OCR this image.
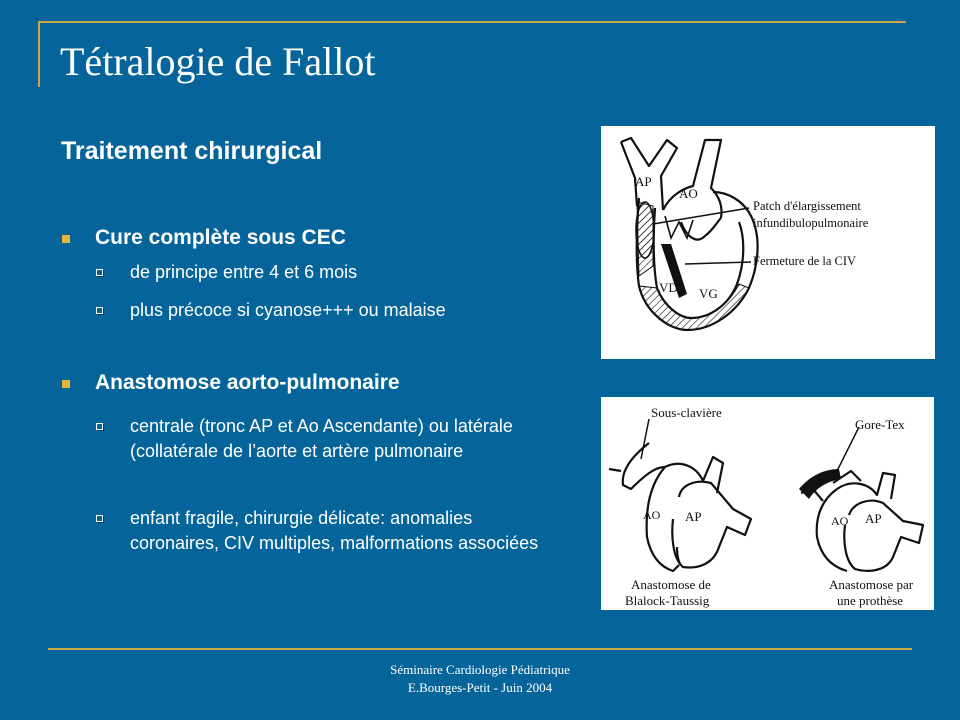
Tétralogie de Fallot
Traitement chirurgical
Cure complète sous CEC
de principe entre 4 et 6 mois
plus précoce si cyanose+++ ou malaise
Anastomose aorto-pulmonaire
centrale (tronc AP et Ao Ascendante) ou latérale (collatérale de l’aorte et artère pulmonaire
enfant fragile, chirurgie délicate: anomalies coronaires, CIV multiples, malformations associées
AP
AO
VD VG
Patch d'élargissement
infundibulopulmonaire
Fermeture de la CIV
Sous-clavière
Gore-Tex
AO AP	AO AP
Anastomose de
Blalock-Taussig
Anastomose par
une prothèse
Séminaire Cardiologie Pédiatrique
E.Bourges-Petit - Juin 2004
